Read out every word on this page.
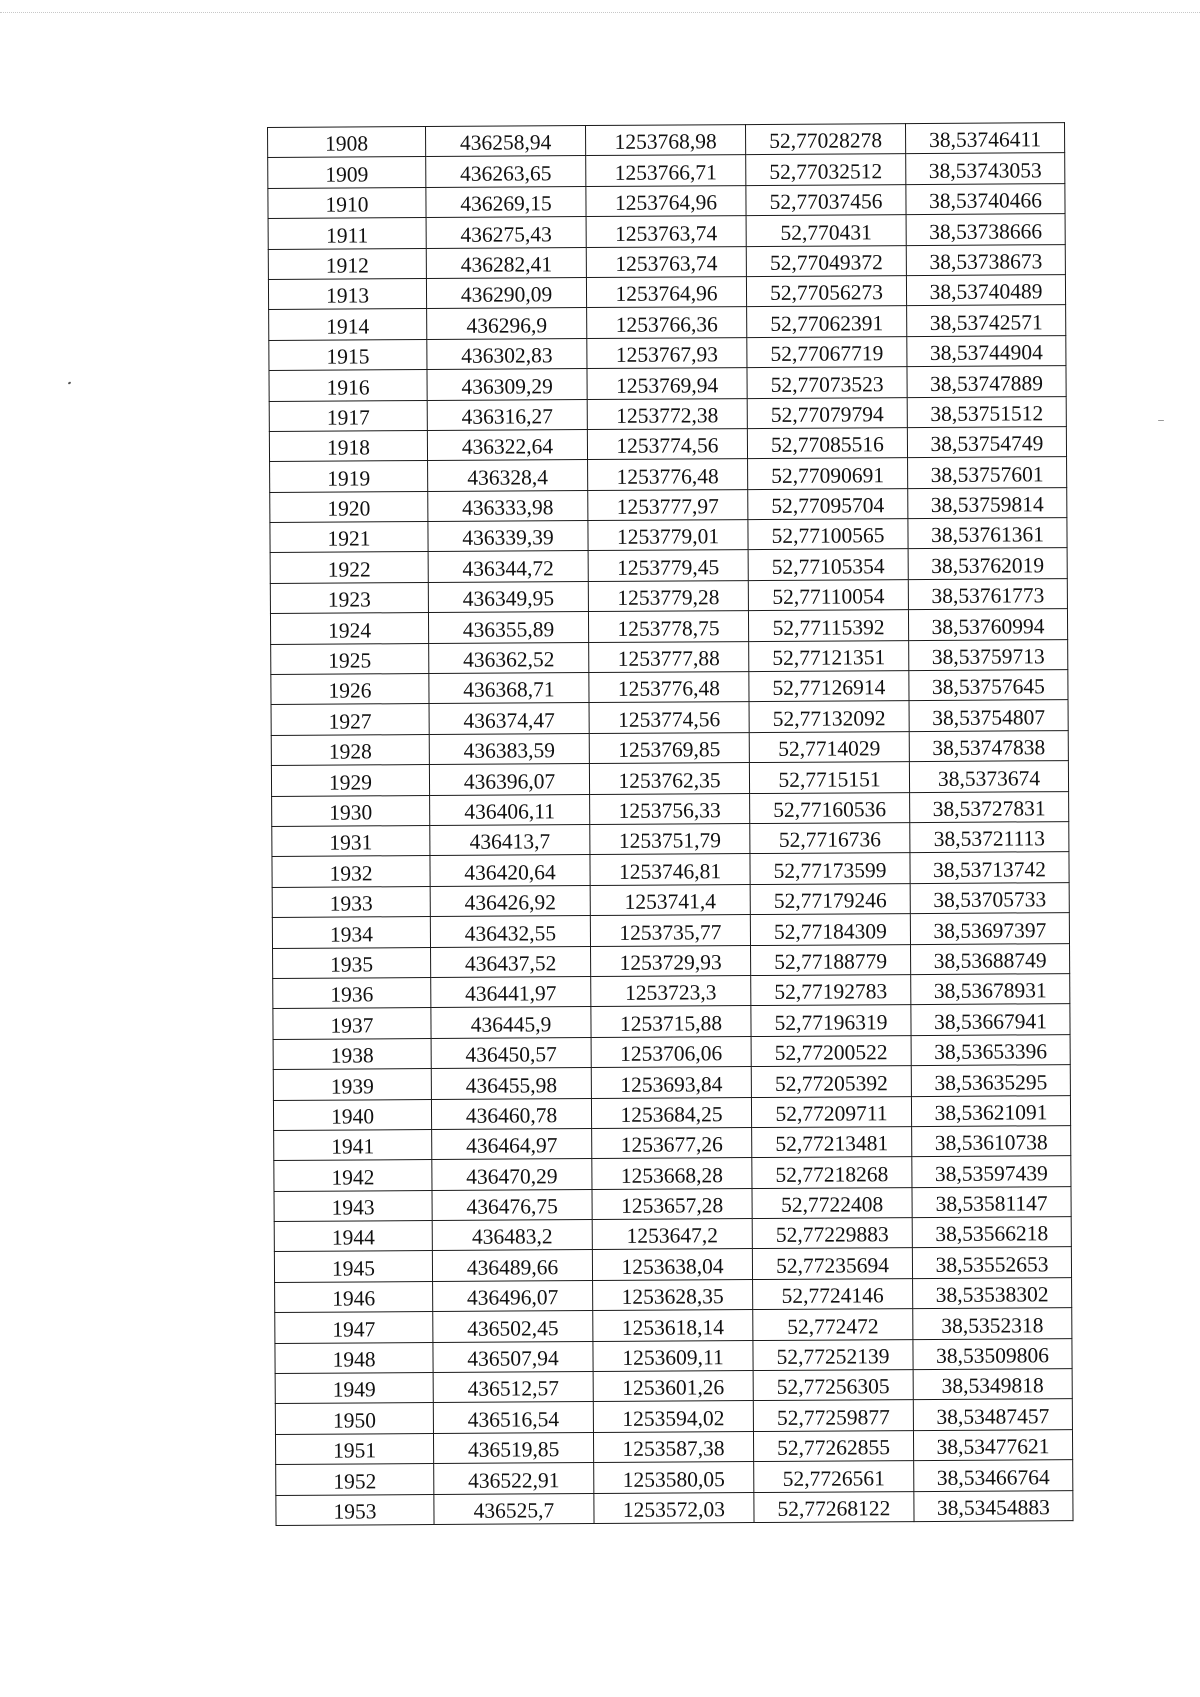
1908	436258,94	1253768,98	52,77028278	38,53746411
1909	436263,65	1253766,71	52,77032512	38,53743053
1910	436269,15	1253764,96	52,77037456	38,53740466
1911	436275,43	1253763,74	52,770431	38,53738666
1912	436282,41	1253763,74	52,77049372	38,53738673
1913	436290,09	1253764,96	52,77056273	38,53740489
1914	436296,9	1253766,36	52,77062391	38,53742571
1915	436302,83	1253767,93	52,77067719	38,53744904
1916	436309,29	1253769,94	52,77073523	38,53747889
1917	436316,27	1253772,38	52,77079794	38,53751512
1918	436322,64	1253774,56	52,77085516	38,53754749
1919	436328,4	1253776,48	52,77090691	38,53757601
1920	436333,98	1253777,97	52,77095704	38,53759814
1921	436339,39	1253779,01	52,77100565	38,53761361
1922	436344,72	1253779,45	52,77105354	38,53762019
1923	436349,95	1253779,28	52,77110054	38,53761773
1924	436355,89	1253778,75	52,77115392	38,53760994
1925	436362,52	1253777,88	52,77121351	38,53759713
1926	436368,71	1253776,48	52,77126914	38,53757645
1927	436374,47	1253774,56	52,77132092	38,53754807
1928	436383,59	1253769,85	52,7714029	38,53747838
1929	436396,07	1253762,35	52,7715151	38,5373674
1930	436406,11	1253756,33	52,77160536	38,53727831
1931	436413,7	1253751,79	52,7716736	38,53721113
1932	436420,64	1253746,81	52,77173599	38,53713742
1933	436426,92	1253741,4	52,77179246	38,53705733
1934	436432,55	1253735,77	52,77184309	38,53697397
1935	436437,52	1253729,93	52,77188779	38,53688749
1936	436441,97	1253723,3	52,77192783	38,53678931
1937	436445,9	1253715,88	52,77196319	38,53667941
1938	436450,57	1253706,06	52,77200522	38,53653396
1939	436455,98	1253693,84	52,77205392	38,53635295
1940	436460,78	1253684,25	52,77209711	38,53621091
1941	436464,97	1253677,26	52,77213481	38,53610738
1942	436470,29	1253668,28	52,77218268	38,53597439
1943	436476,75	1253657,28	52,7722408	38,53581147
1944	436483,2	1253647,2	52,77229883	38,53566218
1945	436489,66	1253638,04	52,77235694	38,53552653
1946	436496,07	1253628,35	52,7724146	38,53538302
1947	436502,45	1253618,14	52,772472	38,5352318
1948	436507,94	1253609,11	52,77252139	38,53509806
1949	436512,57	1253601,26	52,77256305	38,5349818
1950	436516,54	1253594,02	52,77259877	38,53487457
1951	436519,85	1253587,38	52,77262855	38,53477621
1952	436522,91	1253580,05	52,7726561	38,53466764
1953	436525,7	1253572,03	52,77268122	38,53454883
